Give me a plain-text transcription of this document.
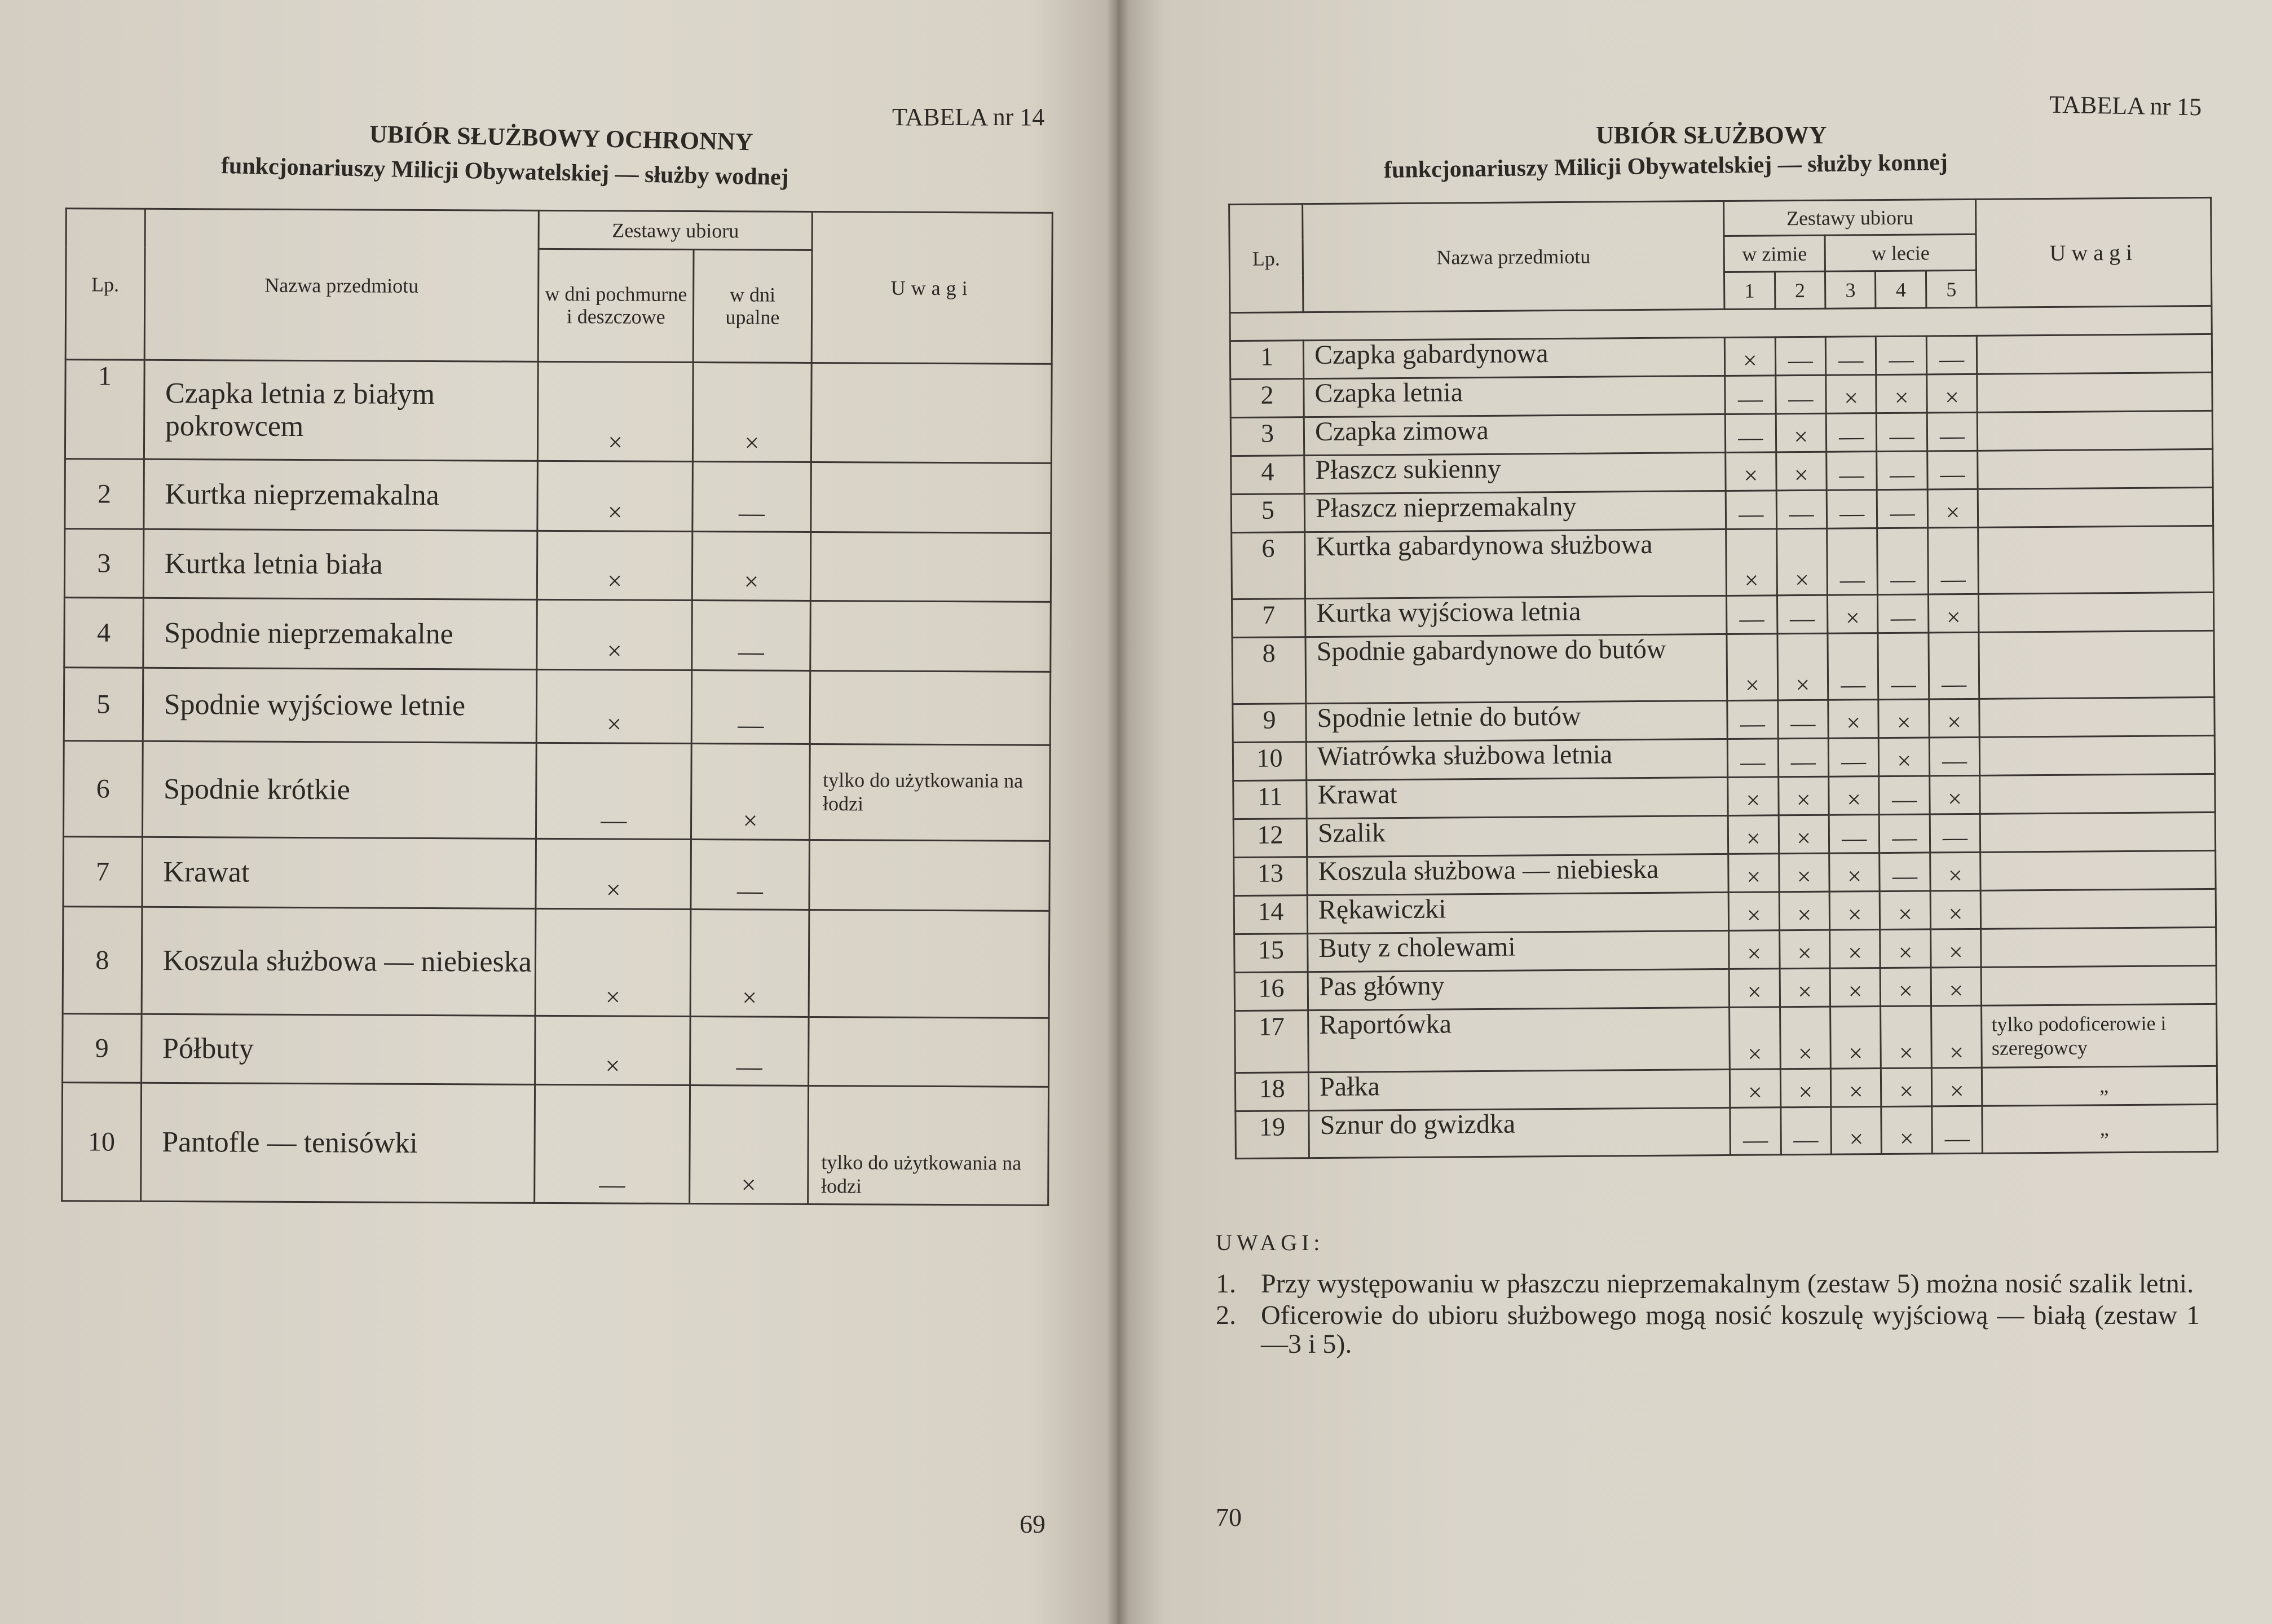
TABELA nr 14
UBIÓR SŁUŻBOWY OCHRONNY
funkcjonariuszy Milicji Obywatelskiej — służby wodnej
Lp.	Nazwa przedmiotu	Zestawy ubioru		Uwagi
		w dni pochmurne i deszczowe	w dni upalne	
1	Czapka letnia z białym pokrowcem	×	×	
2	Kurtka nieprzemakalna	×	—	
3	Kurtka letnia biała	×	×	
4	Spodnie nieprzemakalne	×	—	
5	Spodnie wyjściowe letnie	×	—	
6	Spodnie krótkie	—	×	tylko do użytkowania na łodzi
7	Krawat	×	—	
8	Koszula służbowa — niebieska	×	×	
9	Półbuty	×	—	
10	Pantofle — tenisówki	—	×	tylko do użytkowania na łodzi
69
TABELA nr 15
UBIÓR SŁUŻBOWY
funkcjonariuszy Milicji Obywatelskiej — służby konnej
Lp.	Nazwa przedmiotu	Zestawy ubioru					Uwagi
		w zimie		w lecie			
		1	2	3	4	5	

1	Czapka gabardynowa	×	—	—	—	—	
2	Czapka letnia	—	—	×	×	×	
3	Czapka zimowa	—	×	—	—	—	
4	Płaszcz sukienny	×	×	—	—	—	
5	Płaszcz nieprzemakalny	—	—	—	—	×	
6	Kurtka gabardynowa służbowa	×	×	—	—	—	
7	Kurtka wyjściowa letnia	—	—	×	—	×	
8	Spodnie gabardynowe do butów	×	×	—	—	—	
9	Spodnie letnie do butów	—	—	×	×	×	
10	Wiatrówka służbowa letnia	—	—	—	×	—	
11	Krawat	×	×	×	—	×	
12	Szalik	×	×	—	—	—	
13	Koszula służbowa — niebieska	×	×	×	—	×	
14	Rękawiczki	×	×	×	×	×	
15	Buty z cholewami	×	×	×	×	×	
16	Pas główny	×	×	×	×	×	
17	Raportówka	×	×	×	×	×	tylko podoficerowie i szeregowcy
18	Pałka	×	×	×	×	×	„
19	Sznur do gwizdka	—	—	×	×	—	„
UWAGI:
1. Przy występowaniu w płaszczu nieprzemakalnym (zestaw 5) można nosić szalik letni.
2. Oficerowie do ubioru służbowego mogą nosić koszulę wyjściową — białą (zestaw 1—3 i 5).
70
